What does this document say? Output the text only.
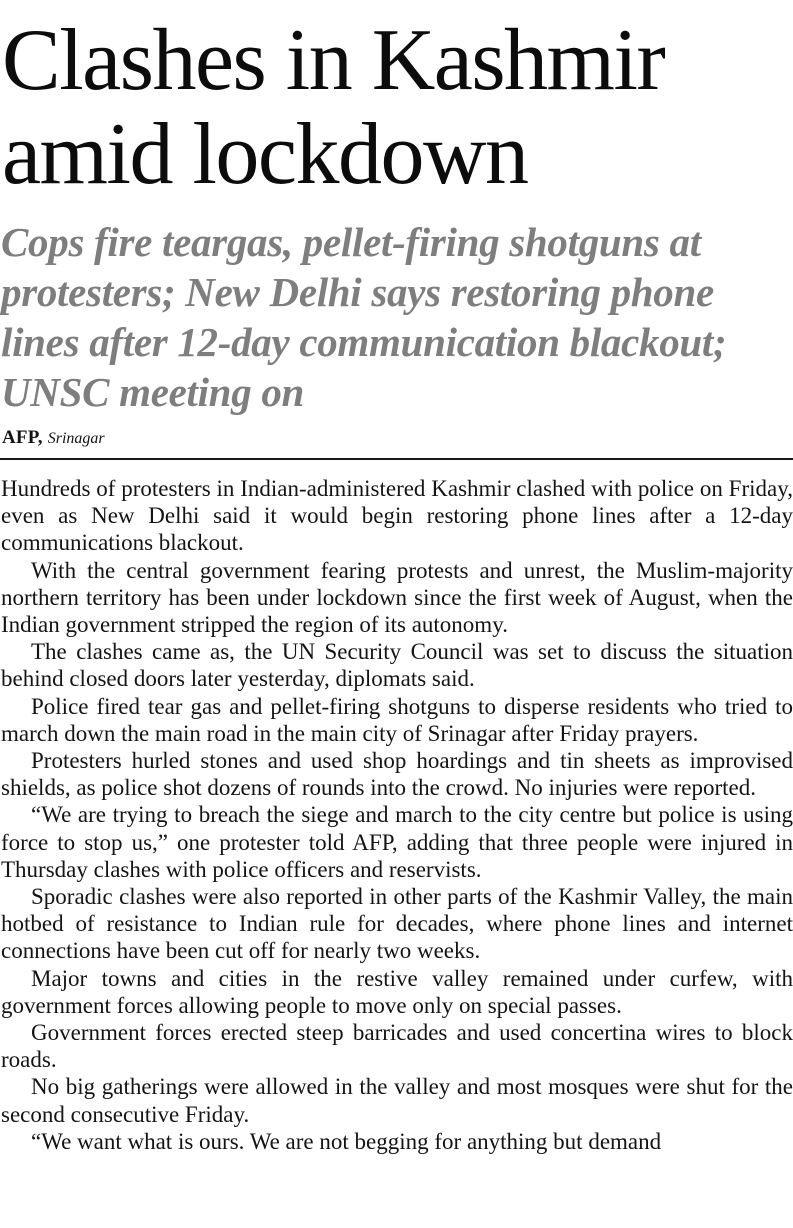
Clashes in Kashmir
amid lockdown
Cops fire teargas, pellet-firing shotguns at
protesters; New Delhi says restoring phone
lines after 12-day communication blackout;
UNSC meeting on
AFP, Srinagar

Hundreds of protesters in Indian-administered Kashmir clashed with police on Friday, even as New Delhi said it would begin restoring phone lines after a 12-day communications blackout.

With the central government fearing protests and unrest, the Muslim-majority northern territory has been under lockdown since the first week of August, when the Indian government stripped the region of its autonomy.

The clashes came as, the UN Security Council was set to discuss the situation behind closed doors later yesterday, diplomats said.

Police fired tear gas and pellet-firing shotguns to disperse residents who tried to march down the main road in the main city of Srinagar after Friday prayers.

Protesters hurled stones and used shop hoardings and tin sheets as improvised shields, as police shot dozens of rounds into the crowd. No injuries were reported.

“We are trying to breach the siege and march to the city centre but police is using force to stop us,” one protester told AFP, adding that three people were injured in Thursday clashes with police officers and reservists.

Sporadic clashes were also reported in other parts of the Kashmir Valley, the main hotbed of resistance to Indian rule for decades, where phone lines and internet connections have been cut off for nearly two weeks.

Major towns and cities in the restive valley remained under curfew, with government forces allowing people to move only on special passes.

Government forces erected steep barricades and used concertina wires to block roads.

No big gatherings were allowed in the valley and most mosques were shut for the second consecutive Friday.

“We want what is ours. We are not begging for anything but demand
